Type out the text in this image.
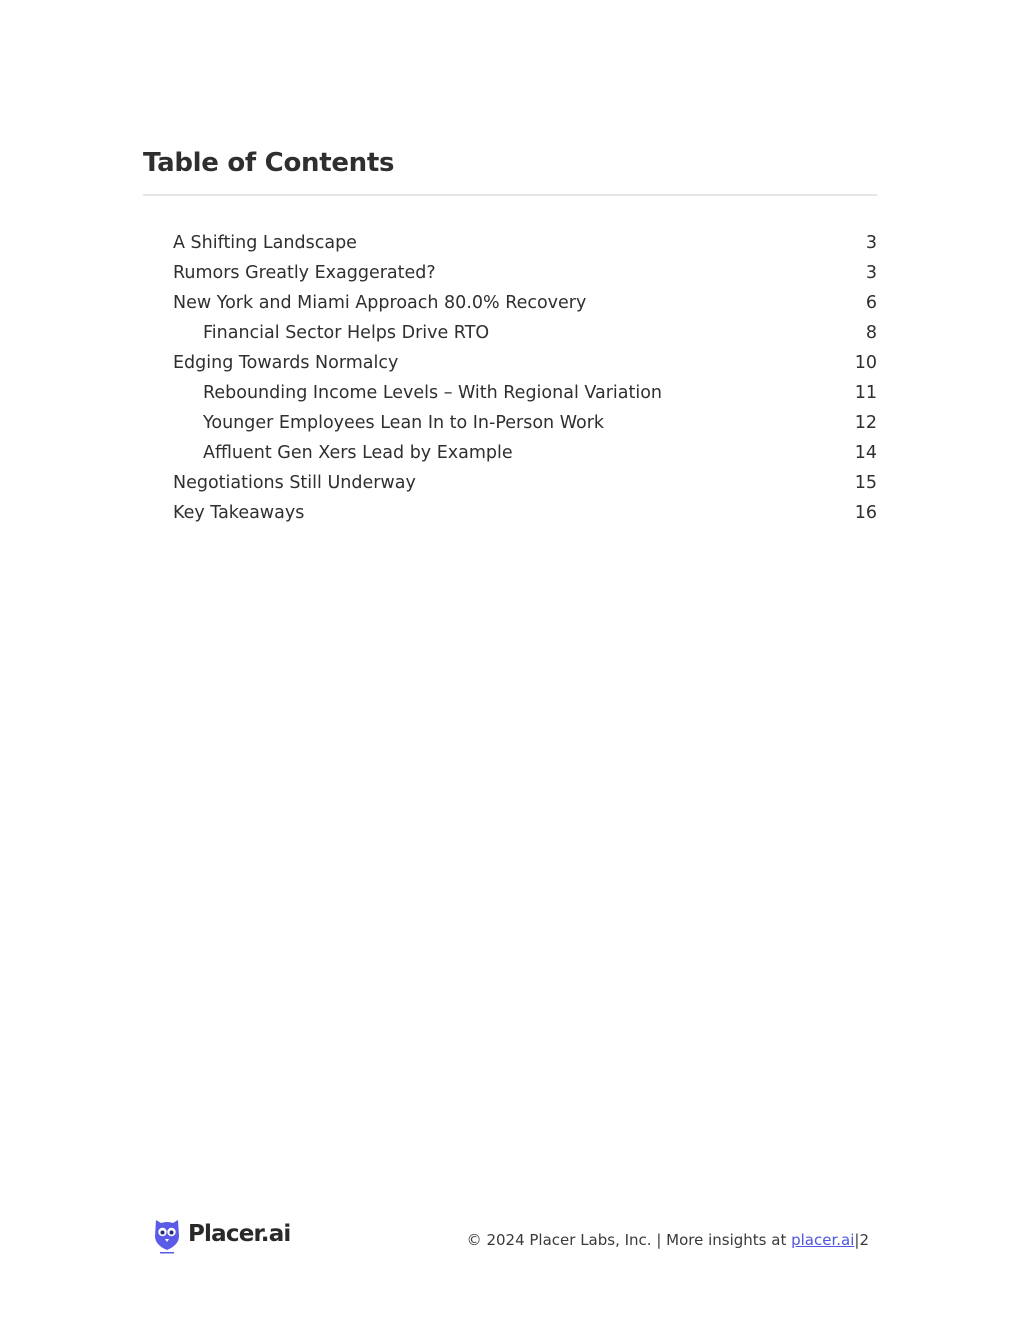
Table of Contents
A Shifting Landscape	3
Rumors Greatly Exaggerated?	3
New York and Miami Approach 80.0% Recovery	6
Financial Sector Helps Drive RTO	8
Edging Towards Normalcy	10
Rebounding Income Levels – With Regional Variation	11
Younger Employees Lean In to In-Person Work	12
Affluent Gen Xers Lead by Example	14
Negotiations Still Underway	15
Key Takeaways	16
Placer.ai	© 2024 Placer Labs, Inc. | More insights at placer.ai|2
